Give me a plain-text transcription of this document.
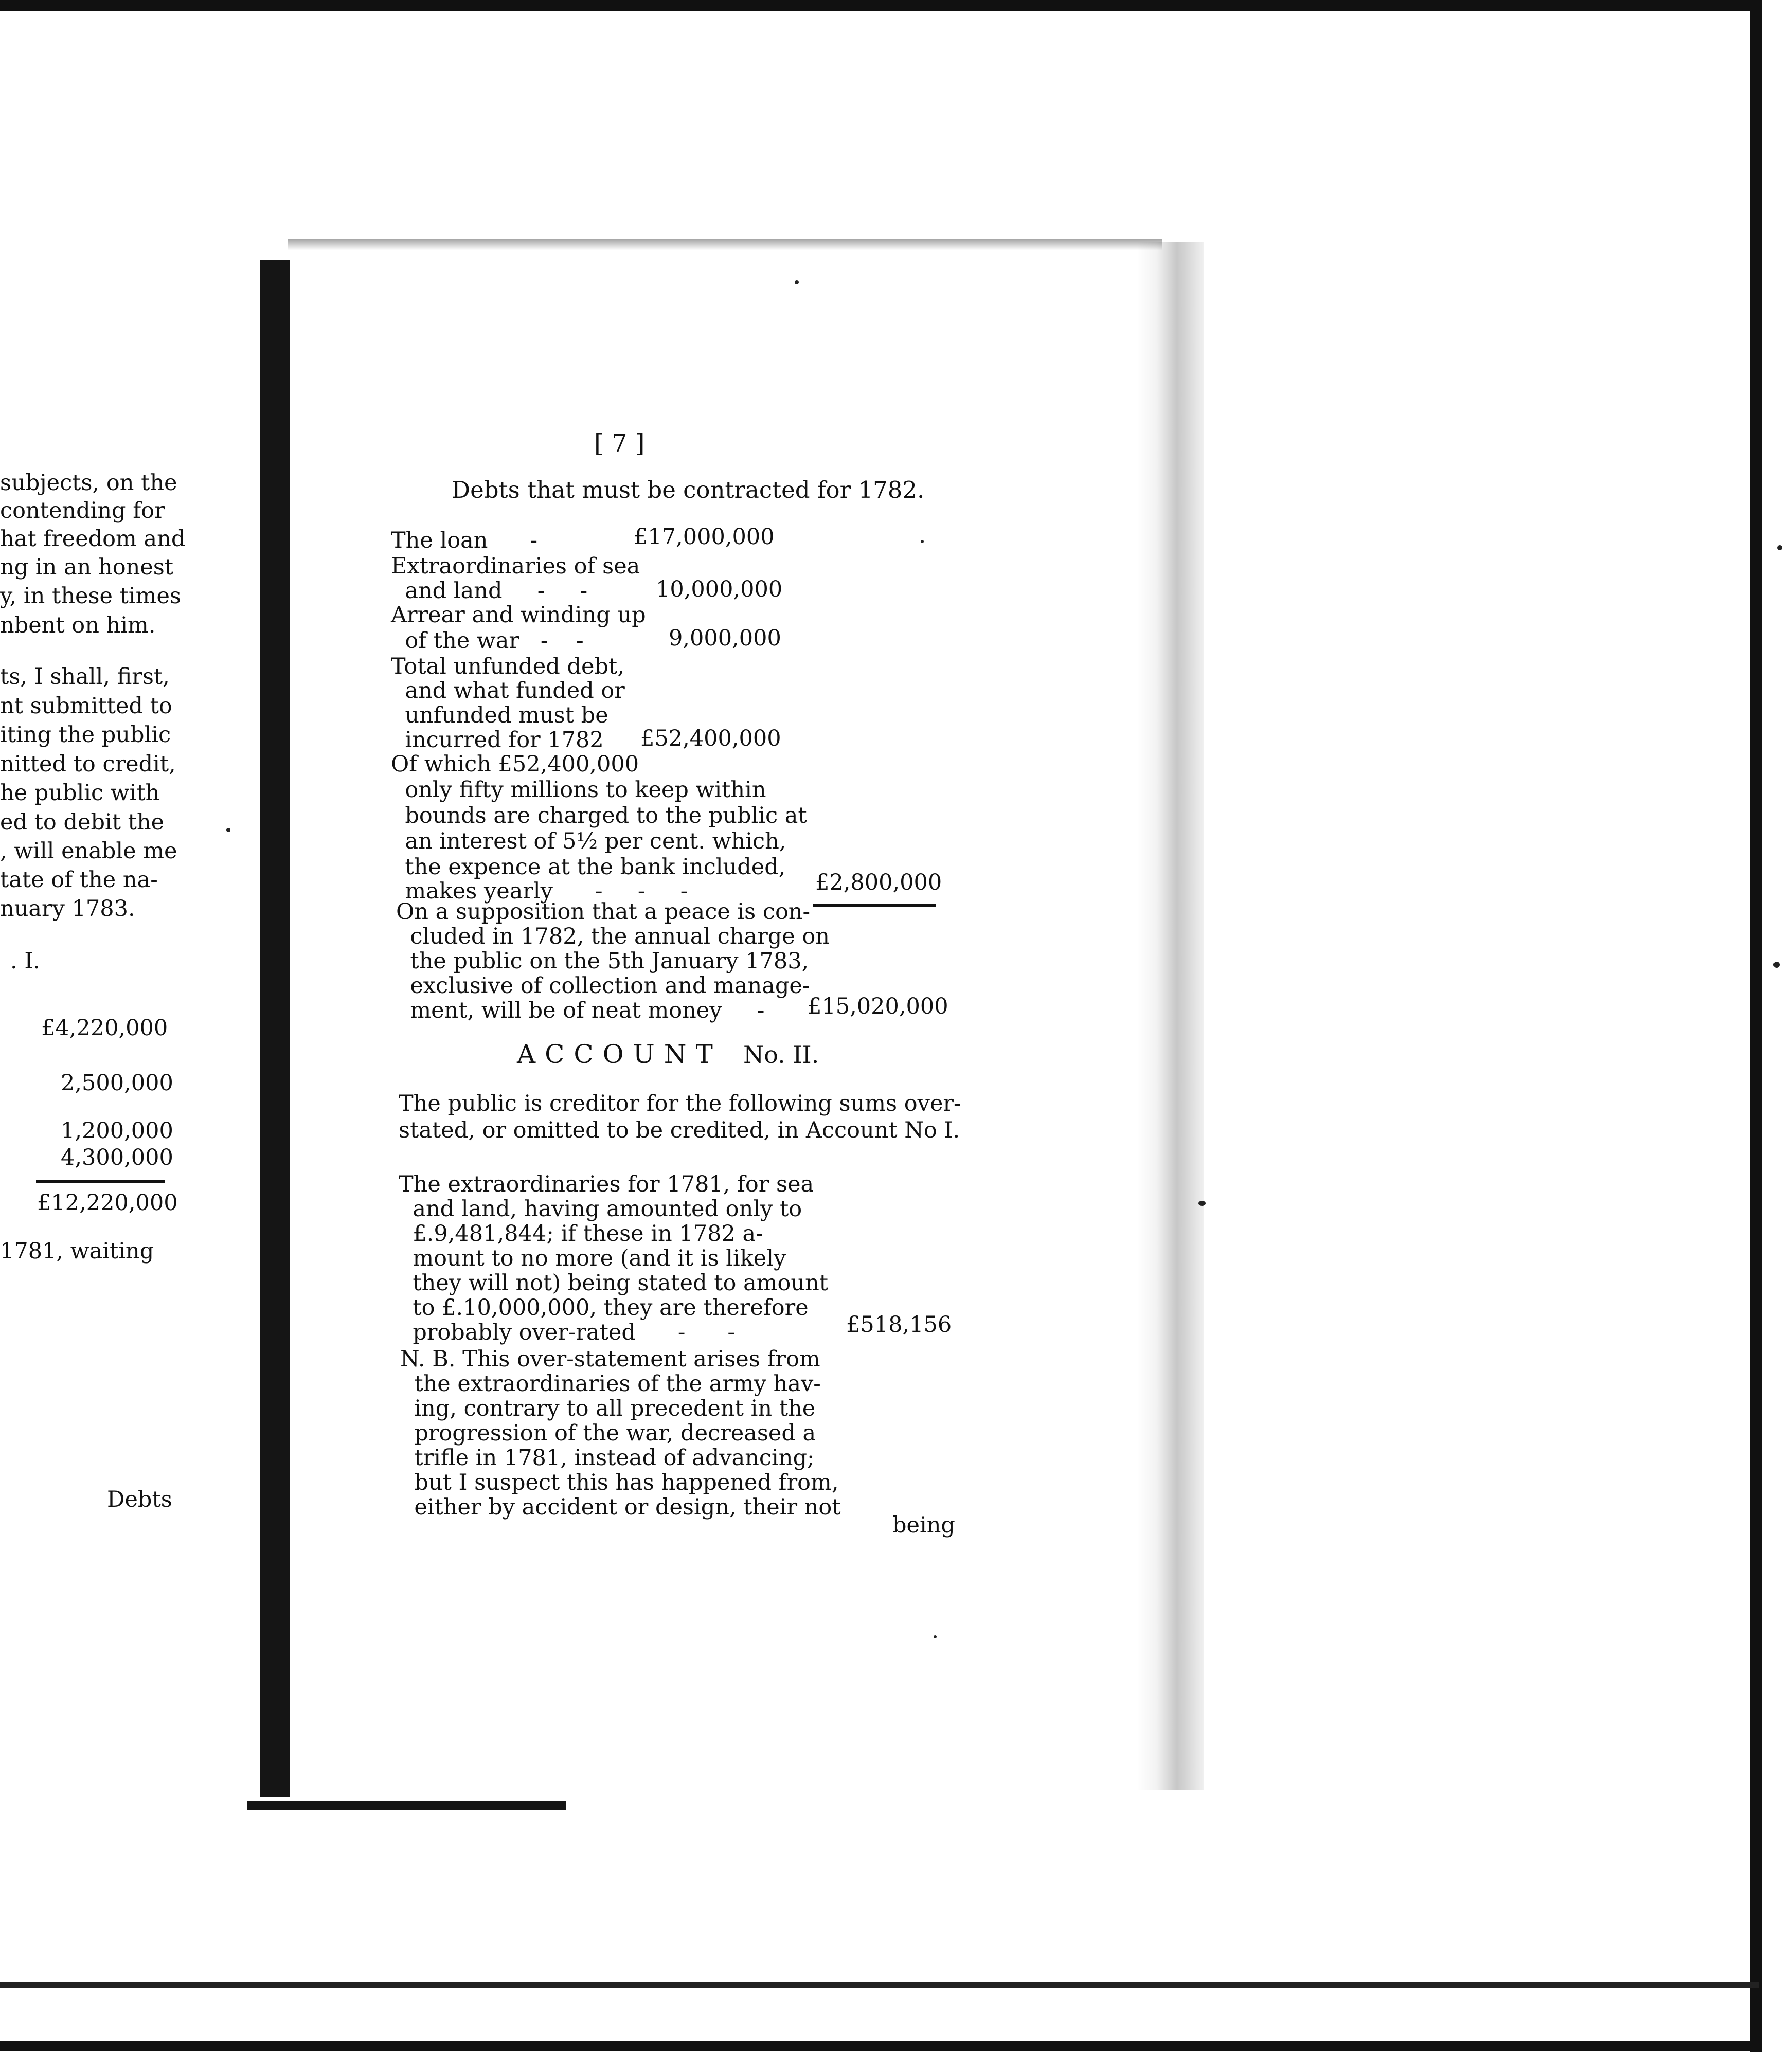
subjects, on the
contending for
hat freedom and
ng in an honest
y, in these times
nbent on him.
ts, I shall, first,
nt submitted to
iting the public
nitted to credit,
he public with
ed to debit the
, will enable me
tate of the na-
nuary 1783.
. I.
£4,220,000
2,500,000
1,200,000
4,300,000
£12,220,000
1781, waiting
Debts
[ 7 ]
Debts that must be contracted for 1782.
The loan      -	£17,000,000
Extraordinaries of sea
and land     -     -	10,000,000
Arrear and winding up
of the war   -    -	9,000,000
Total unfunded debt,
and what funded or
unfunded must be
incurred for 1782 £52,400,000
Of which £52,400,000
only fifty millions to keep within
bounds are charged to the public at
an interest of 5½ per cent. which,
the expence at the bank included,
makes yearly      -     -     -	£2,800,000
On a supposition that a peace is con-
cluded in 1782, the annual charge on
the public on the 5th January 1783,
exclusive of collection and manage-
ment, will be of neat money     - £15,020,000
ACCOUNT No. II.
The public is creditor for the following sums over-
stated, or omitted to be credited, in Account No I.
The extraordinaries for 1781, for sea
and land, having amounted only to
£.9,481,844; if these in 1782 a-
mount to no more (and it is likely
they will not) being stated to amount
to £.10,000,000, they are therefore
probably over-rated      -      -	£518,156
N. B. This over-statement arises from
the extraordinaries of the army hav-
ing, contrary to all precedent in the
progression of the war, decreased a
trifle in 1781, instead of advancing;
but I suspect this has happened from,
either by accident or design, their not
being
